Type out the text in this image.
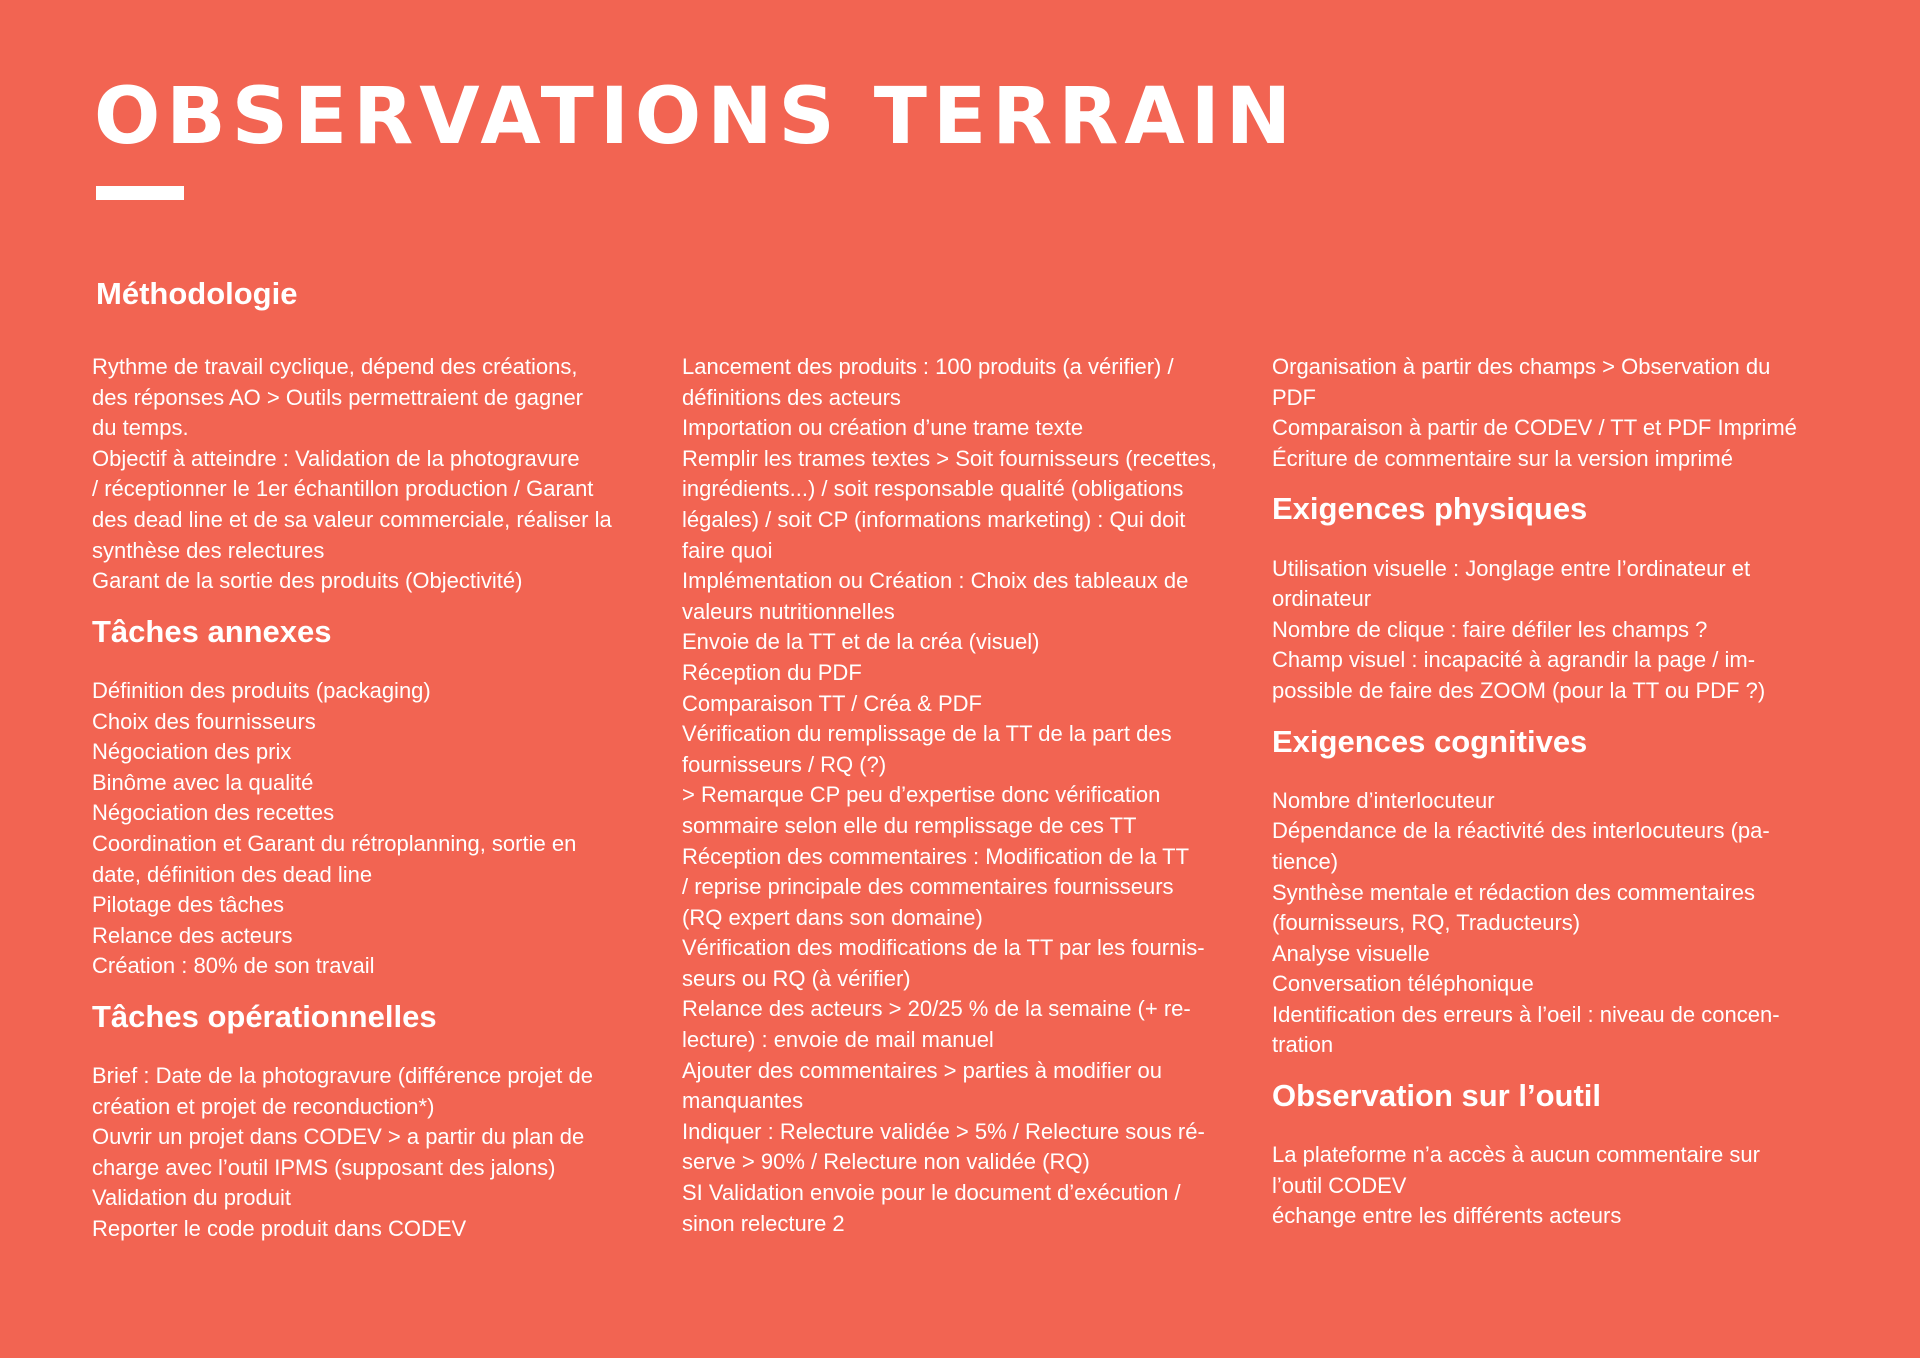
OBSERVATIONS TERRAIN
Méthodologie

Rythme de travail cyclique, dépend des créations,

des réponses AO > Outils permettraient de gagner

du temps.

Objectif à atteindre : Validation de la photogravure

/ réceptionner le 1er échantillon production / Garant

des dead line et de sa valeur commerciale, réaliser la

synthèse des relectures

Garant de la sortie des produits (Objectivité)

Tâches annexes

Définition des produits (packaging)

Choix des fournisseurs

Négociation des prix

Binôme avec la qualité

Négociation des recettes

Coordination et Garant du rétroplanning, sortie en

date, définition des dead line

Pilotage des tâches

Relance des acteurs

Création : 80% de son travail

Tâches opérationnelles

Brief : Date de la photogravure (différence projet de

création et projet de reconduction*)

Ouvrir un projet dans CODEV > a partir du plan de

charge avec l’outil IPMS (supposant des jalons)

Validation du produit

Reporter le code produit dans CODEV

Lancement des produits : 100 produits (a vérifier) /

définitions des acteurs

Importation ou création d’une trame texte

Remplir les trames textes > Soit fournisseurs (recettes,

ingrédients...) / soit responsable qualité (obligations

légales) / soit CP (informations marketing) : Qui doit

faire quoi

Implémentation ou Création : Choix des tableaux de

valeurs nutritionnelles

Envoie de la TT et de la créa (visuel)

Réception du PDF

Comparaison TT / Créa & PDF

Vérification du remplissage de la TT de la part des

fournisseurs / RQ (?)

> Remarque CP peu d’expertise donc vérification

sommaire selon elle du remplissage de ces TT

Réception des commentaires : Modification de la TT

/ reprise principale des commentaires fournisseurs

(RQ expert dans son domaine)

Vérification des modifications de la TT par les fournis-

seurs ou RQ (à vérifier)

Relance des acteurs > 20/25 % de la semaine (+ re-

lecture) : envoie de mail manuel

Ajouter des commentaires > parties à modifier ou

manquantes

Indiquer : Relecture validée > 5% / Relecture sous ré-

serve > 90% / Relecture non validée (RQ)

SI Validation envoie pour le document d’exécution /

sinon relecture 2

Organisation à partir des champs > Observation du

PDF

Comparaison à partir de CODEV / TT et PDF Imprimé

Écriture de commentaire sur la version imprimé

Exigences physiques

Utilisation visuelle : Jonglage entre l’ordinateur et

ordinateur

Nombre de clique : faire défiler les champs ?

Champ visuel : incapacité à agrandir la page / im-

possible de faire des ZOOM (pour la TT ou PDF ?)

Exigences cognitives

Nombre d’interlocuteur

Dépendance de la réactivité des interlocuteurs (pa-

tience)

Synthèse mentale et rédaction des commentaires

(fournisseurs, RQ, Traducteurs)

Analyse visuelle

Conversation téléphonique

Identification des erreurs à l’oeil : niveau de concen-

tration

Observation sur l’outil

La plateforme n’a accès à aucun commentaire sur

l’outil CODEV

échange entre les différents acteurs
